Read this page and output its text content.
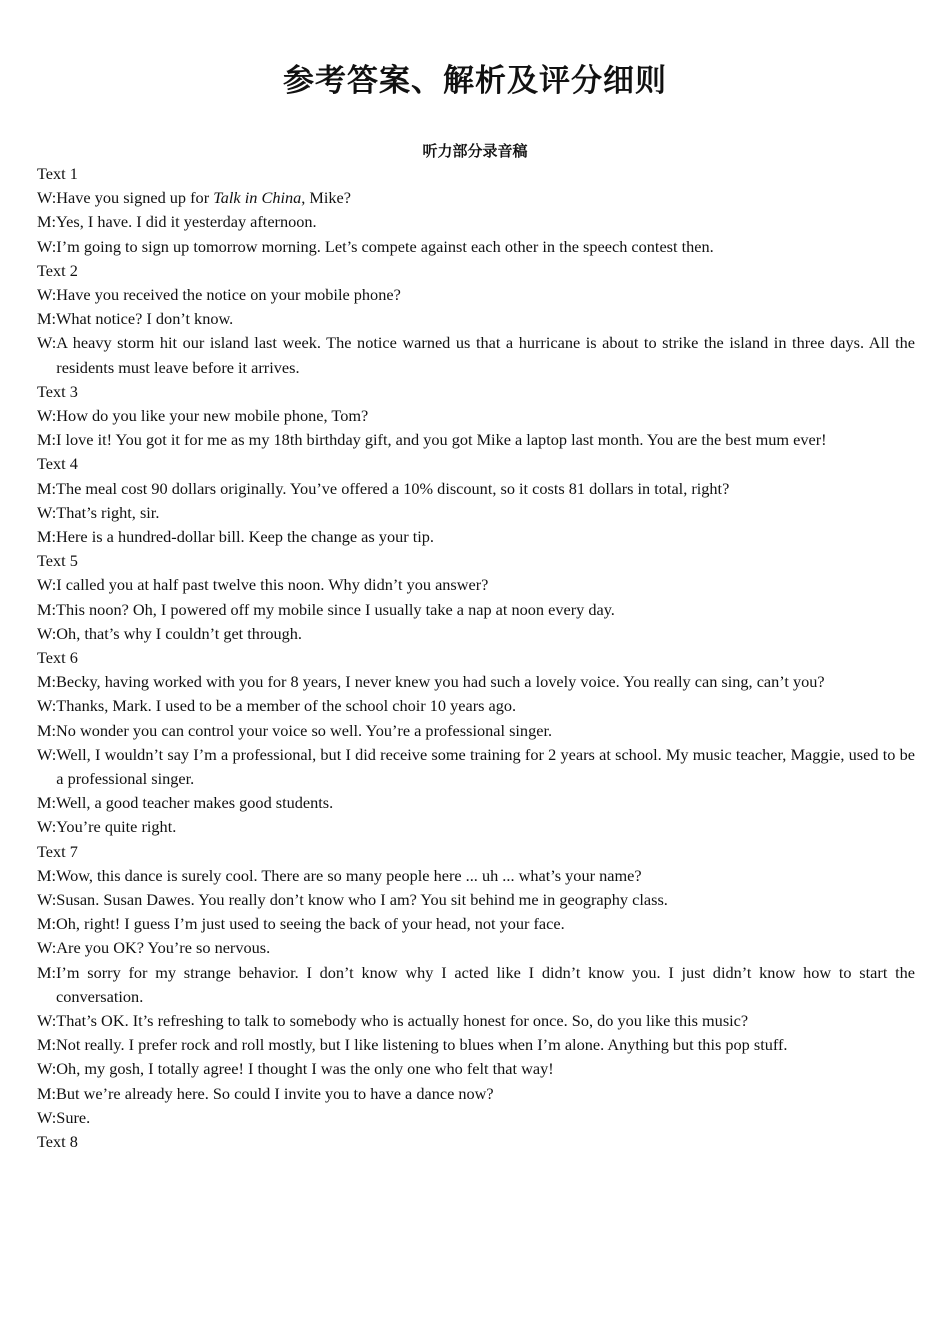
参考答案、解析及评分细则
听力部分录音稿
Text 1
W: Have you signed up for Talk in China, Mike?
M: Yes, I have. I did it yesterday afternoon.
W: I’m going to sign up tomorrow morning. Let’s compete against each other in the speech contest then.
Text 2
W: Have you received the notice on your mobile phone?
M: What notice? I don’t know.
W: A heavy storm hit our island last week. The notice warned us that a hurricane is about to strike the island in three days. All the residents must leave before it arrives.
Text 3
W: How do you like your new mobile phone, Tom?
M: I love it! You got it for me as my 18th birthday gift, and you got Mike a laptop last month. You are the best mum ever!
Text 4
M: The meal cost 90 dollars originally. You’ve offered a 10% discount, so it costs 81 dollars in total, right?
W: That’s right, sir.
M: Here is a hundred-dollar bill. Keep the change as your tip.
Text 5
W: I called you at half past twelve this noon. Why didn’t you answer?
M: This noon? Oh, I powered off my mobile since I usually take a nap at noon every day.
W: Oh, that’s why I couldn’t get through.
Text 6
M: Becky, having worked with you for 8 years, I never knew you had such a lovely voice. You really can sing, can’t you?
W: Thanks, Mark. I used to be a member of the school choir 10 years ago.
M: No wonder you can control your voice so well. You’re a professional singer.
W: Well, I wouldn’t say I’m a professional, but I did receive some training for 2 years at school. My music teacher, Maggie, used to be a professional singer.
M: Well, a good teacher makes good students.
W: You’re quite right.
Text 7
M: Wow, this dance is surely cool. There are so many people here ... uh ... what’s your name?
W: Susan. Susan Dawes. You really don’t know who I am? You sit behind me in geography class.
M: Oh, right! I guess I’m just used to seeing the back of your head, not your face.
W: Are you OK? You’re so nervous.
M: I’m sorry for my strange behavior. I don’t know why I acted like I didn’t know you. I just didn’t know how to start the conversation.
W: That’s OK. It’s refreshing to talk to somebody who is actually honest for once. So, do you like this music?
M: Not really. I prefer rock and roll mostly, but I like listening to blues when I’m alone. Anything but this pop stuff.
W: Oh, my gosh, I totally agree! I thought I was the only one who felt that way!
M: But we’re already here. So could I invite you to have a dance now?
W: Sure.
Text 8
